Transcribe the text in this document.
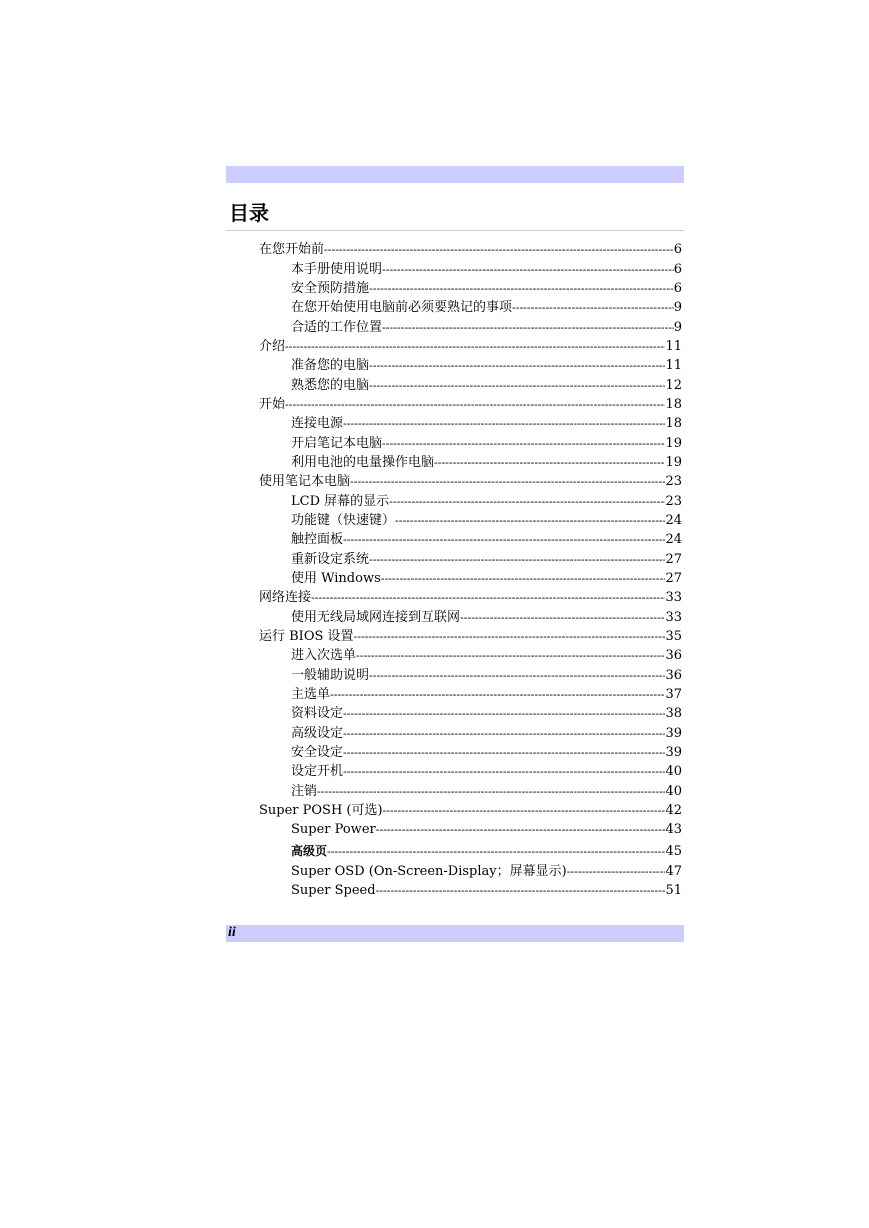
目录
在您开始前 -----	6
本手册使用说明 -----	6
安全预防措施 -----	6
在您开始使用电脑前必须要熟记的事项 -----	9
合适的工作位置 -----	9
介绍 -----	11
准备您的电脑 -----	11
熟悉您的电脑 -----	12
开始 -----	18
连接电源 -----	18
开启笔记本电脑 -----	19
利用电池的电量操作电脑 -----	19
使用笔记本电脑 -----	23
LCD 屏幕的显示 -----	23
功能键（快速键） -----	24
触控面板 -----	24
重新设定系统 -----	27
使用 Windows -----	27
网络连接 -----	33
使用无线局域网连接到互联网 -----	33
运行 BIOS 设置 -----	35
进入次选单 -----	36
一般辅助说明 -----	36
主选单 -----	37
资料设定 -----	38
高级设定 -----	39
安全设定 -----	39
设定开机 -----	40
注销 -----	40
Super POSH (可选) -----	42
Super Power -----	43
高级页 -----	45
Super OSD (On-Screen-Display；屏幕显示) -----	47
Super Speed -----	51
ii
